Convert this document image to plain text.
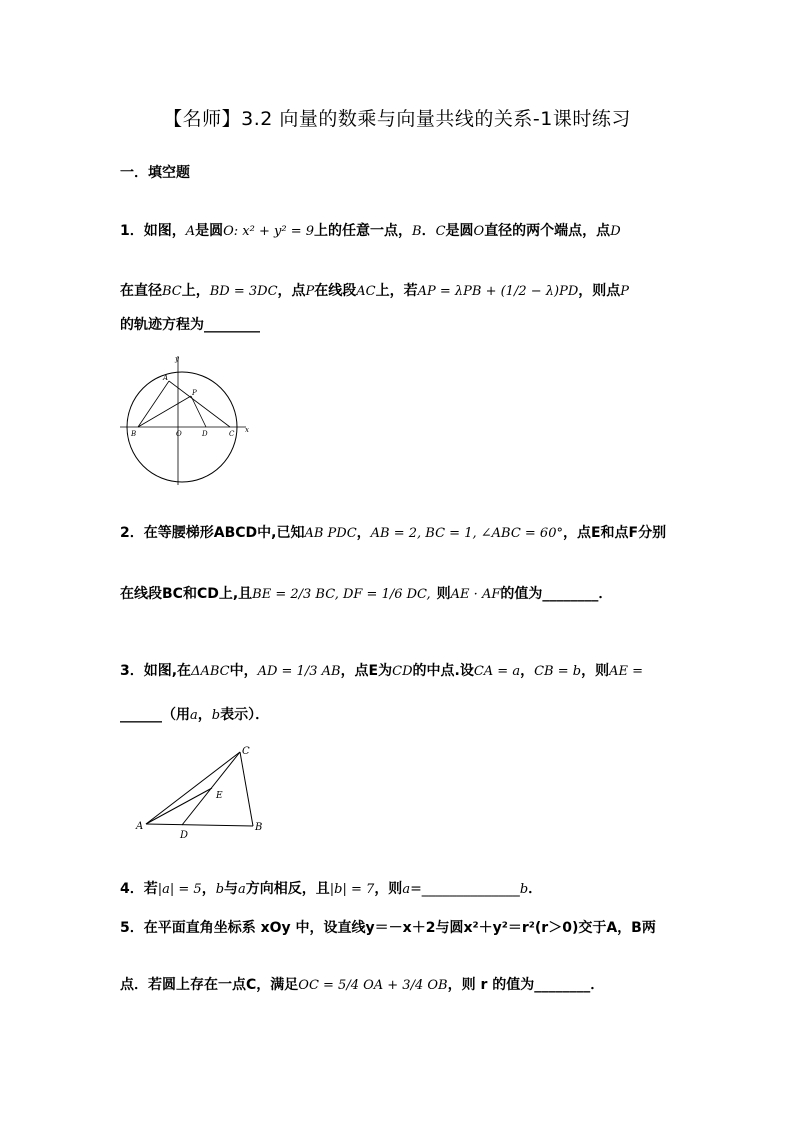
【名师】3.2 向量的数乘与向量共线的关系-1课时练习
一．填空题
1．如图，A是圆O: x² + y² = 9上的任意一点，B．C是圆O直径的两个端点，点D
在直径BC上，BD = 3DC，点P在线段AC上，若AP = λPB + (1/2 − λ)PD，则点P
的轨迹方程为________
y
A
P
B	O	D	C x
2．在等腰梯形ABCD中,已知AB PDC，AB = 2, BC = 1, ∠ABC = 60°，点E和点F分别
在线段BC和CD上,且BE = 2/3 BC, DF = 1/6 DC, 则AE · AF的值为________．
3．如图,在ΔABC中，AD = 1/3 AB，点E为CD的中点.设CA = a，CB = b，则AE =
______（用a，b表示）．
C
E
A
D
B
4．若|a| = 5，b与a方向相反，且|b| = 7，则a=______________b．
5．在平面直角坐标系 xOy 中，设直线y＝－x＋2与圆x²＋y²＝r²(r＞0)交于A，B两
点．若圆上存在一点C，满足OC = 5/4 OA + 3/4 OB，则 r 的值为________．
